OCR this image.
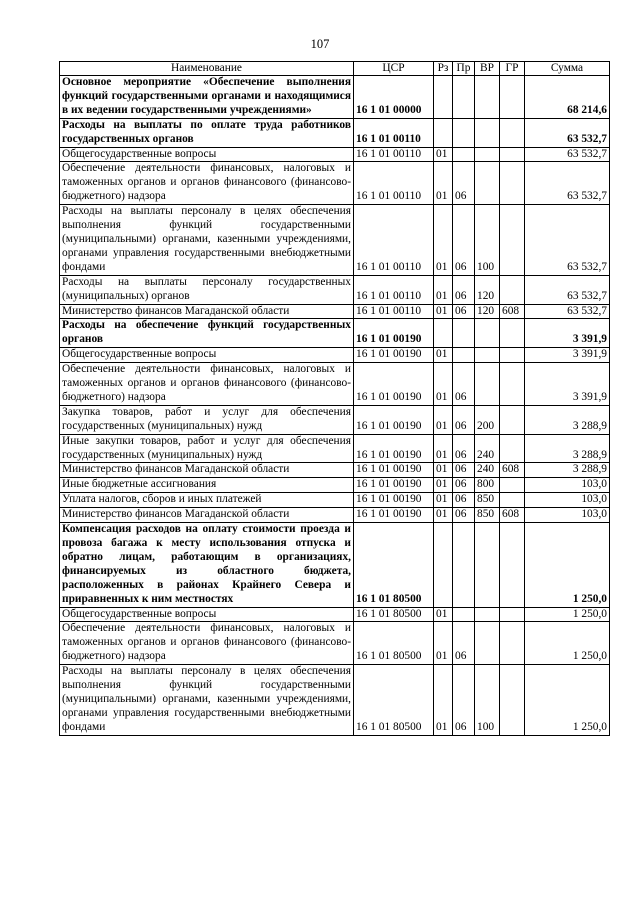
107
Наименование	ЦСР	Рз	Пр	ВР	ГР	Сумма
Основное мероприятие «Обеспечение выполнения функций государственными органами и находящимися в их ведении государственными учреждениями»	16 1 01 00000					68 214,6
Расходы на выплаты по оплате труда работников государственных органов	16 1 01 00110					63 532,7
Общегосударственные вопросы	16 1 01 00110	01				63 532,7
Обеспечение деятельности финансовых, налоговых и таможенных органов и органов финансового (финансово-бюджетного) надзора	16 1 01 00110	01	06			63 532,7
Расходы на выплаты персоналу в целях обеспечения выполнения функций государственными (муниципальными) органами, казенными учреждениями, органами управления государственными внебюджетными фондами	16 1 01 00110	01	06	100		63 532,7
Расходы на выплаты персоналу государственных (муниципальных) органов	16 1 01 00110	01	06	120		63 532,7
Министерство финансов Магаданской области	16 1 01 00110	01	06	120	608	63 532,7
Расходы на обеспечение функций государственных органов	16 1 01 00190					3 391,9
Общегосударственные вопросы	16 1 01 00190	01				3 391,9
Обеспечение деятельности финансовых, налоговых и таможенных органов и органов финансового (финансово-бюджетного) надзора	16 1 01 00190	01	06			3 391,9
Закупка товаров, работ и услуг для обеспечения государственных (муниципальных) нужд	16 1 01 00190	01	06	200		3 288,9
Иные закупки товаров, работ и услуг для обеспечения государственных (муниципальных) нужд	16 1 01 00190	01	06	240		3 288,9
Министерство финансов Магаданской области	16 1 01 00190	01	06	240	608	3 288,9
Иные бюджетные ассигнования	16 1 01 00190	01	06	800		103,0
Уплата налогов, сборов и иных платежей	16 1 01 00190	01	06	850		103,0
Министерство финансов Магаданской области	16 1 01 00190	01	06	850	608	103,0
Компенсация расходов на оплату стоимости проезда и провоза багажа к месту использования отпуска и обратно лицам, работающим в организациях, финансируемых из областного бюджета, расположенных в районах Крайнего Севера и приравненных к ним местностях	16 1 01 80500					1 250,0
Общегосударственные вопросы	16 1 01 80500	01				1 250,0
Обеспечение деятельности финансовых, налоговых и таможенных органов и органов финансового (финансово-бюджетного) надзора	16 1 01 80500	01	06			1 250,0
Расходы на выплаты персоналу в целях обеспечения выполнения функций государственными (муниципальными) органами, казенными учреждениями, органами управления государственными внебюджетными фондами	16 1 01 80500	01	06	100		1 250,0
